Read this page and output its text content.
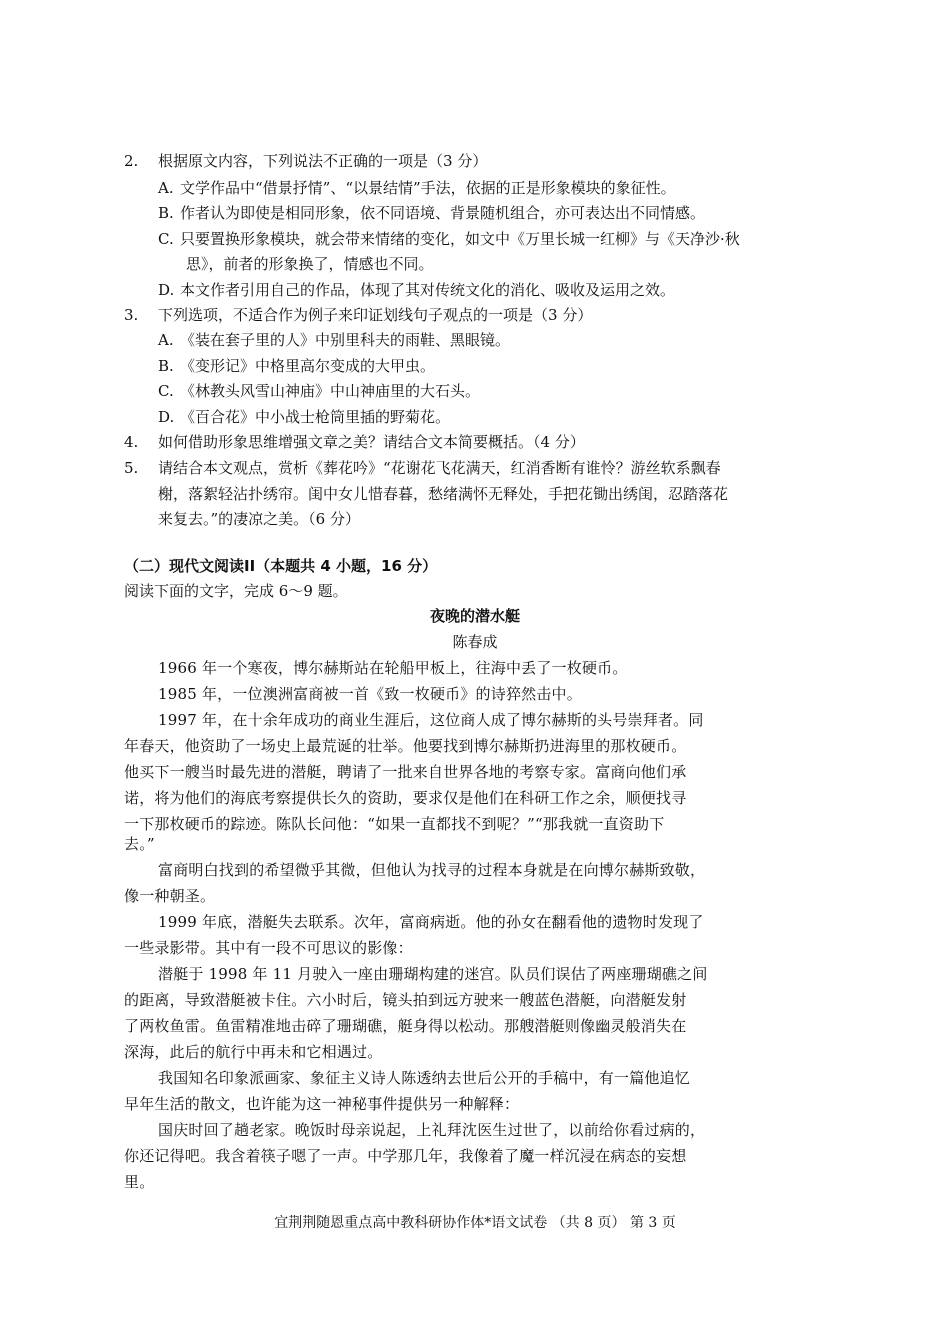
2. 根据原文内容，下列说法不正确的一项是（3 分）
A. 文学作品中“借景抒情”、“以景结情”手法，依据的正是形象模块的象征性。
B. 作者认为即使是相同形象，依不同语境、背景随机组合，亦可表达出不同情感。
C. 只要置换形象模块，就会带来情绪的变化，如文中《万里长城一红柳》与《天净沙·秋
思》，前者的形象换了，情感也不同。
D. 本文作者引用自己的作品，体现了其对传统文化的消化、吸收及运用之效。
3. 下列选项，不适合作为例子来印证划线句子观点的一项是（3 分）
A. 《装在套子里的人》中别里科夫的雨鞋、黑眼镜。
B. 《变形记》中格里高尔变成的大甲虫。
C. 《林教头风雪山神庙》中山神庙里的大石头。
D. 《百合花》中小战士枪筒里插的野菊花。
4. 如何借助形象思维增强文章之美？请结合文本简要概括。（4 分）
5. 请结合本文观点，赏析《葬花吟》“花谢花飞花满天，红消香断有谁怜？游丝软系飘春
榭，落絮轻沾扑绣帘。闺中女儿惜春暮，愁绪满怀无释处，手把花锄出绣闺，忍踏落花
来复去。”的凄凉之美。（6 分）
（二）现代文阅读II（本题共 4 小题，16 分）
阅读下面的文字，完成 6～9 题。
夜晚的潜水艇
陈春成
1966 年一个寒夜，博尔赫斯站在轮船甲板上，往海中丢了一枚硬币。
1985 年，一位澳洲富商被一首《致一枚硬币》的诗猝然击中。
1997 年，在十余年成功的商业生涯后，这位商人成了博尔赫斯的头号崇拜者。同
年春天，他资助了一场史上最荒诞的壮举。他要找到博尔赫斯扔进海里的那枚硬币。
他买下一艘当时最先进的潜艇，聘请了一批来自世界各地的考察专家。富商向他们承
诺，将为他们的海底考察提供长久的资助，要求仅是他们在科研工作之余，顺便找寻
一下那枚硬币的踪迹。陈队长问他：“如果一直都找不到呢？”“那我就一直资助下
去。”
富商明白找到的希望微乎其微，但他认为找寻的过程本身就是在向博尔赫斯致敬，
像一种朝圣。
1999 年底，潜艇失去联系。次年，富商病逝。他的孙女在翻看他的遗物时发现了
一些录影带。其中有一段不可思议的影像：
潜艇于 1998 年 11 月驶入一座由珊瑚构建的迷宫。队员们误估了两座珊瑚礁之间
的距离，导致潜艇被卡住。六小时后，镜头拍到远方驶来一艘蓝色潜艇，向潜艇发射
了两枚鱼雷。鱼雷精准地击碎了珊瑚礁，艇身得以松动。那艘潜艇则像幽灵般消失在
深海，此后的航行中再未和它相遇过。
我国知名印象派画家、象征主义诗人陈透纳去世后公开的手稿中，有一篇他追忆
早年生活的散文，也许能为这一神秘事件提供另一种解释：
国庆时回了趟老家。晚饭时母亲说起，上礼拜沈医生过世了，以前给你看过病的，
你还记得吧。我含着筷子嗯了一声。中学那几年，我像着了魔一样沉浸在病态的妄想
里。
宜荆荆随恩重点高中教科研协作体*语文试卷 （共 8 页） 第 3 页
